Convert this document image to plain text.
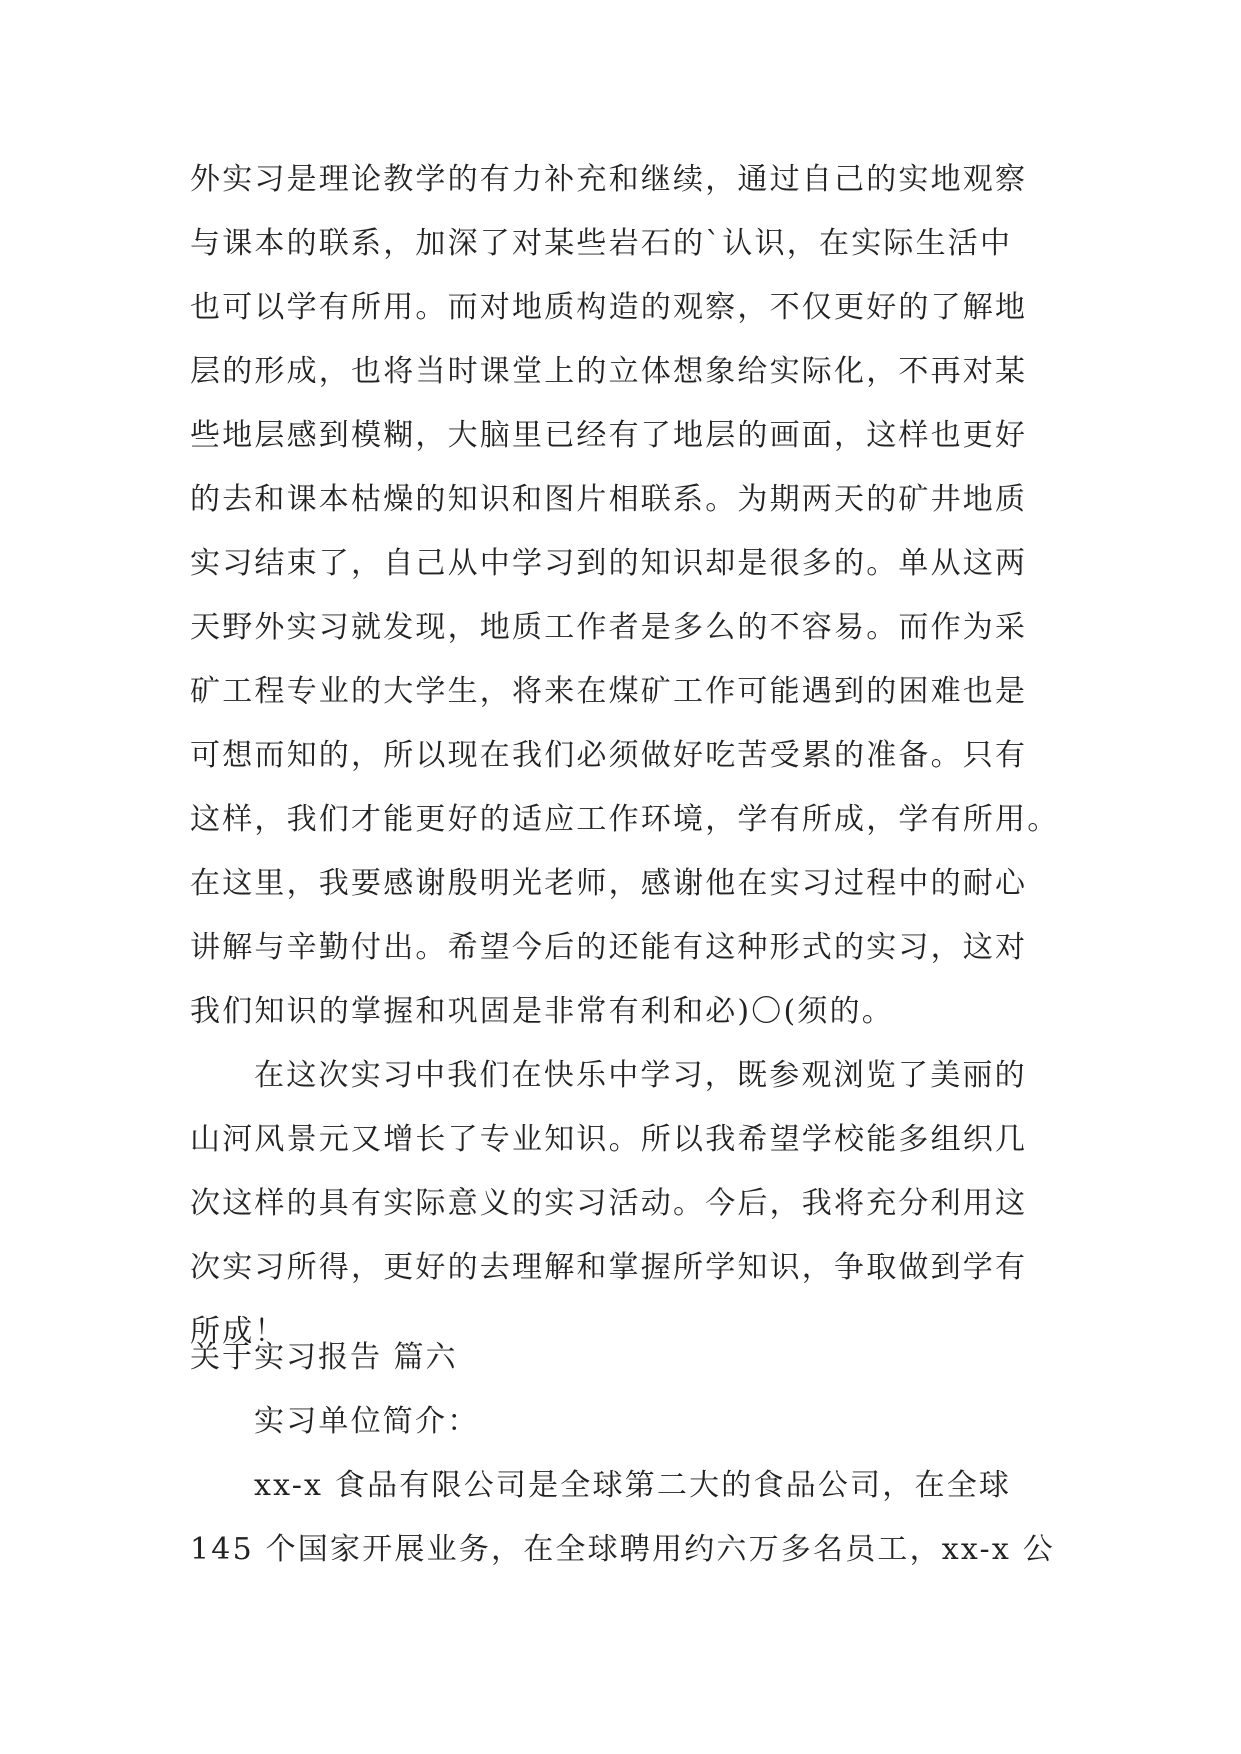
外实习是理论教学的有力补充和继续，通过自己的实地观察
与课本的联系，加深了对某些岩石的`认识，在实际生活中
也可以学有所用。而对地质构造的观察，不仅更好的了解地
层的形成，也将当时课堂上的立体想象给实际化，不再对某
些地层感到模糊，大脑里已经有了地层的画面，这样也更好
的去和课本枯燥的知识和图片相联系。为期两天的矿井地质
实习结束了，自己从中学习到的知识却是很多的。单从这两
天野外实习就发现，地质工作者是多么的不容易。而作为采
矿工程专业的大学生，将来在煤矿工作可能遇到的困难也是
可想而知的，所以现在我们必须做好吃苦受累的准备。只有
这样，我们才能更好的适应工作环境，学有所成，学有所用。
在这里，我要感谢殷明光老师，感谢他在实习过程中的耐心
讲解与辛勤付出。希望今后的还能有这种形式的实习，这对
我们知识的掌握和巩固是非常有利和必)〇(须的。
在这次实习中我们在快乐中学习，既参观浏览了美丽的
山河风景元又增长了专业知识。所以我希望学校能多组织几
次这样的具有实际意义的实习活动。今后，我将充分利用这
次实习所得，更好的去理解和掌握所学知识，争取做到学有
所成！
关于实习报告 篇六
实习单位简介：
xx-x 食品有限公司是全球第二大的食品公司，在全球
145 个国家开展业务，在全球聘用约六万多名员工，xx-x 公
